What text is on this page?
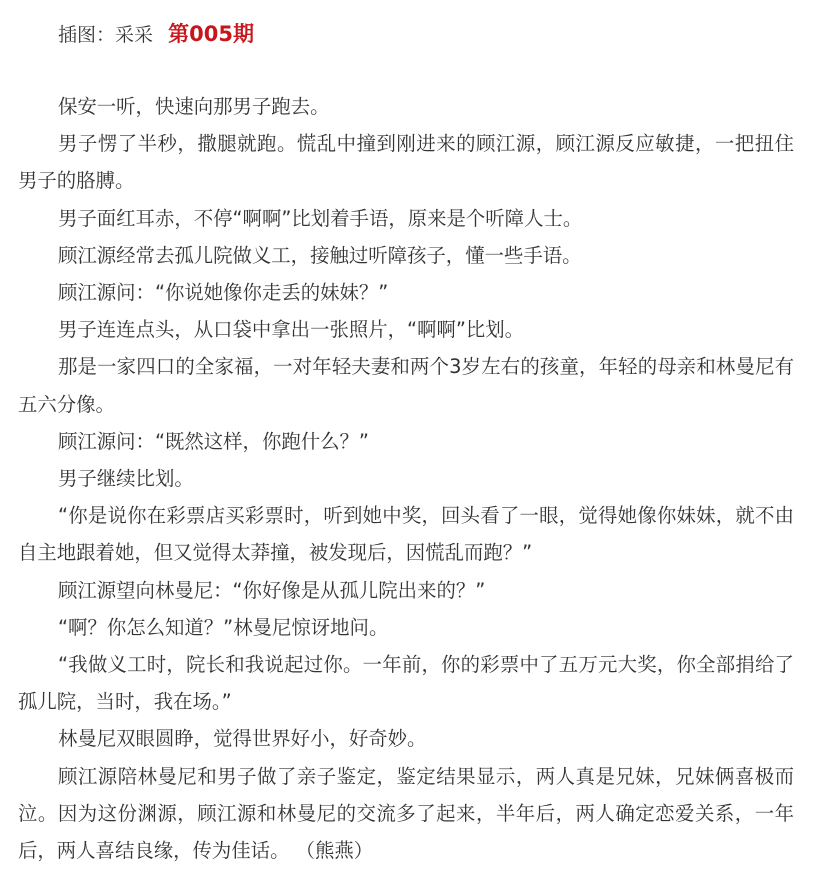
插图：采采 第005期

保安一听，快速向那男子跑去。

男子愣了半秒，撒腿就跑。慌乱中撞到刚进来的顾江源，顾江源反应敏捷，一把扭住男子的胳膊。

男子面红耳赤，不停“啊啊”比划着手语，原来是个听障人士。

顾江源经常去孤儿院做义工，接触过听障孩子，懂一些手语。

顾江源问：“你说她像你走丢的妹妹？”

男子连连点头，从口袋中拿出一张照片，“啊啊”比划。

那是一家四口的全家福，一对年轻夫妻和两个3岁左右的孩童，年轻的母亲和林曼尼有五六分像。

顾江源问：“既然这样，你跑什么？”

男子继续比划。

“你是说你在彩票店买彩票时，听到她中奖，回头看了一眼，觉得她像你妹妹，就不由自主地跟着她，但又觉得太莽撞，被发现后，因慌乱而跑？”

顾江源望向林曼尼：“你好像是从孤儿院出来的？”

“啊？你怎么知道？”林曼尼惊讶地问。

“我做义工时，院长和我说起过你。一年前，你的彩票中了五万元大奖，你全部捐给了孤儿院，当时，我在场。”

林曼尼双眼圆睁，觉得世界好小，好奇妙。

顾江源陪林曼尼和男子做了亲子鉴定，鉴定结果显示，两人真是兄妹，兄妹俩喜极而泣。因为这份渊源，顾江源和林曼尼的交流多了起来，半年后，两人确定恋爱关系，一年后，两人喜结良缘，传为佳话。 （熊燕）
